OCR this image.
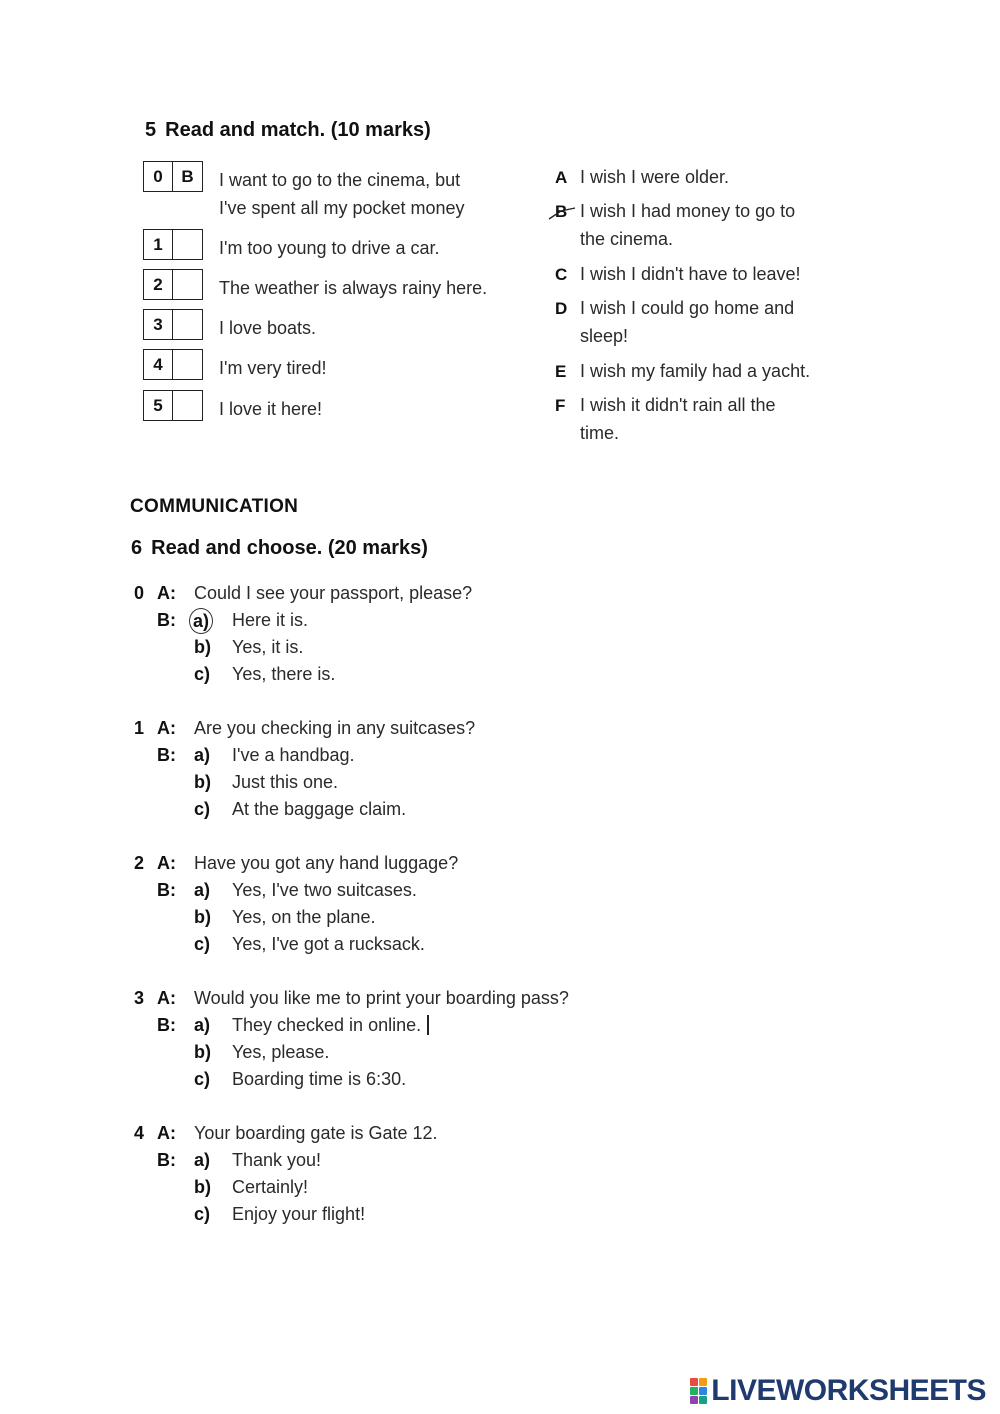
5 Read and match. (10 marks)
0	B	I want to go to the cinema, but
I've spent all my pocket money
1	I'm too young to drive a car.
2	The weather is always rainy here.
3	I love boats.
4	I'm very tired!
5	I love it here!
A I wish I were older.
B I wish I had money to go to
the cinema.
C I wish I didn't have to leave!
D I wish I could go home and
sleep!
E I wish my family had a yacht.
F I wish it didn't rain all the
time.
COMMUNICATION
6 Read and choose. (20 marks)
0 A: Could I see your passport, please?
B: a) Here it is.
b) Yes, it is.
c) Yes, there is.
1 A: Are you checking in any suitcases?
B: a) I've a handbag.
b) Just this one.
c) At the baggage claim.
2 A: Have you got any hand luggage?
B: a) Yes, I've two suitcases.
b) Yes, on the plane.
c) Yes, I've got a rucksack.
3 A: Would you like me to print your boarding pass?
B: a) They checked in online.
b) Yes, please.
c) Boarding time is 6:30.
4 A: Your boarding gate is Gate 12.
B: a) Thank you!
b) Certainly!
c) Enjoy your flight!
LIVEWORKSHEETS
